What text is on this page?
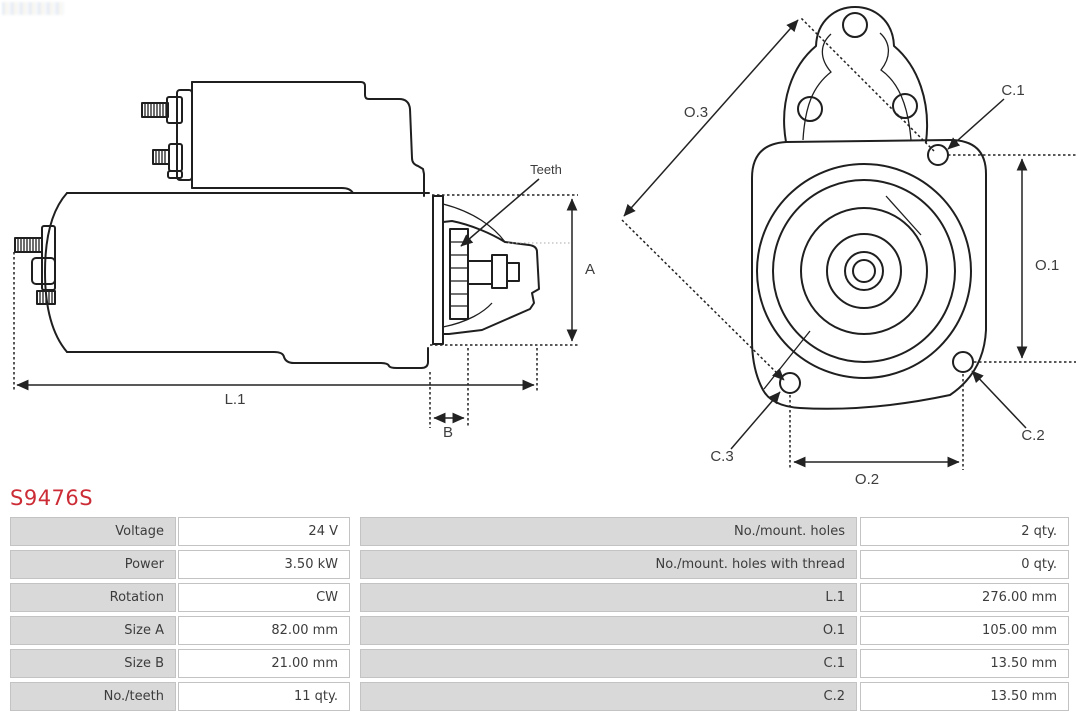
Teeth
A
L.1
B
O.3
C.1
O.1
C.2
C.3
O.2
S9476S
Voltage	24 V	No./mount. holes	2 qty.
Power	3.50 kW	No./mount. holes with thread	0 qty.
Rotation	CW	L.1	276.00 mm
Size A	82.00 mm	O.1	105.00 mm
Size B	21.00 mm	C.1	13.50 mm
No./teeth	11 qty.	C.2	13.50 mm
